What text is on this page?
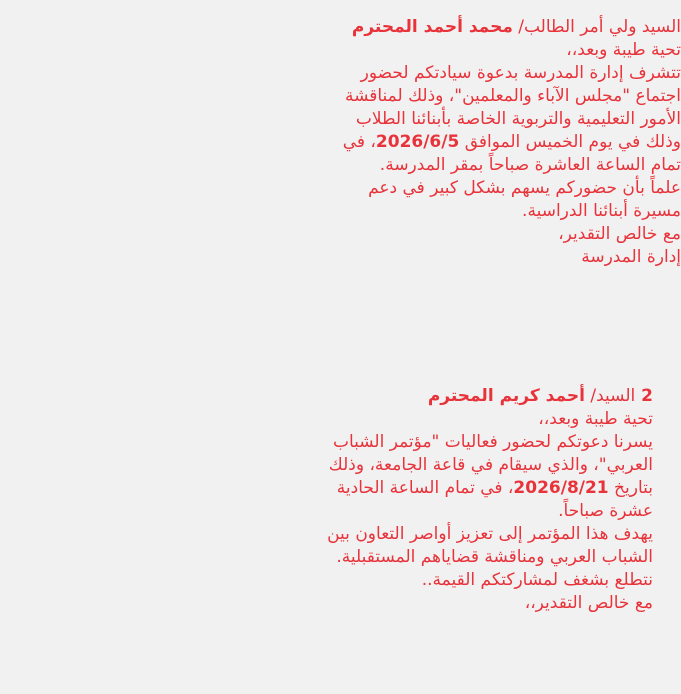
السيد ولي أمر الطالب/ محمد أحمد المحترم
تحية طيبة وبعد،،
تتشرف إدارة المدرسة بدعوة سيادتكم لحضور
اجتماع "مجلس الآباء والمعلمين"، وذلك لمناقشة
الأمور التعليمية والتربوية الخاصة بأبنائنا الطلاب
وذلك في يوم الخميس الموافق 2026/6/5، في
تمام الساعة العاشرة صباحاً بمقر المدرسة.
علماً بأن حضوركم يسهم بشكل كبير في دعم
مسيرة أبنائنا الدراسية.
مع خالص التقدير،
إدارة المدرسة
2 السيد/ أحمد كريم المحترم
تحية طيبة وبعد،،
يسرنا دعوتكم لحضور فعاليات "مؤتمر الشباب
العربي"، والذي سيقام في قاعة الجامعة، وذلك
بتاريخ 2026/8/21، في تمام الساعة الحادية
عشرة صباحاً.
يهدف هذا المؤتمر إلى تعزيز أواصر التعاون بين
الشباب العربي ومناقشة قضاياهم المستقبلية.
نتطلع بشغف لمشاركتكم القيمة..
مع خالص التقدير،،
